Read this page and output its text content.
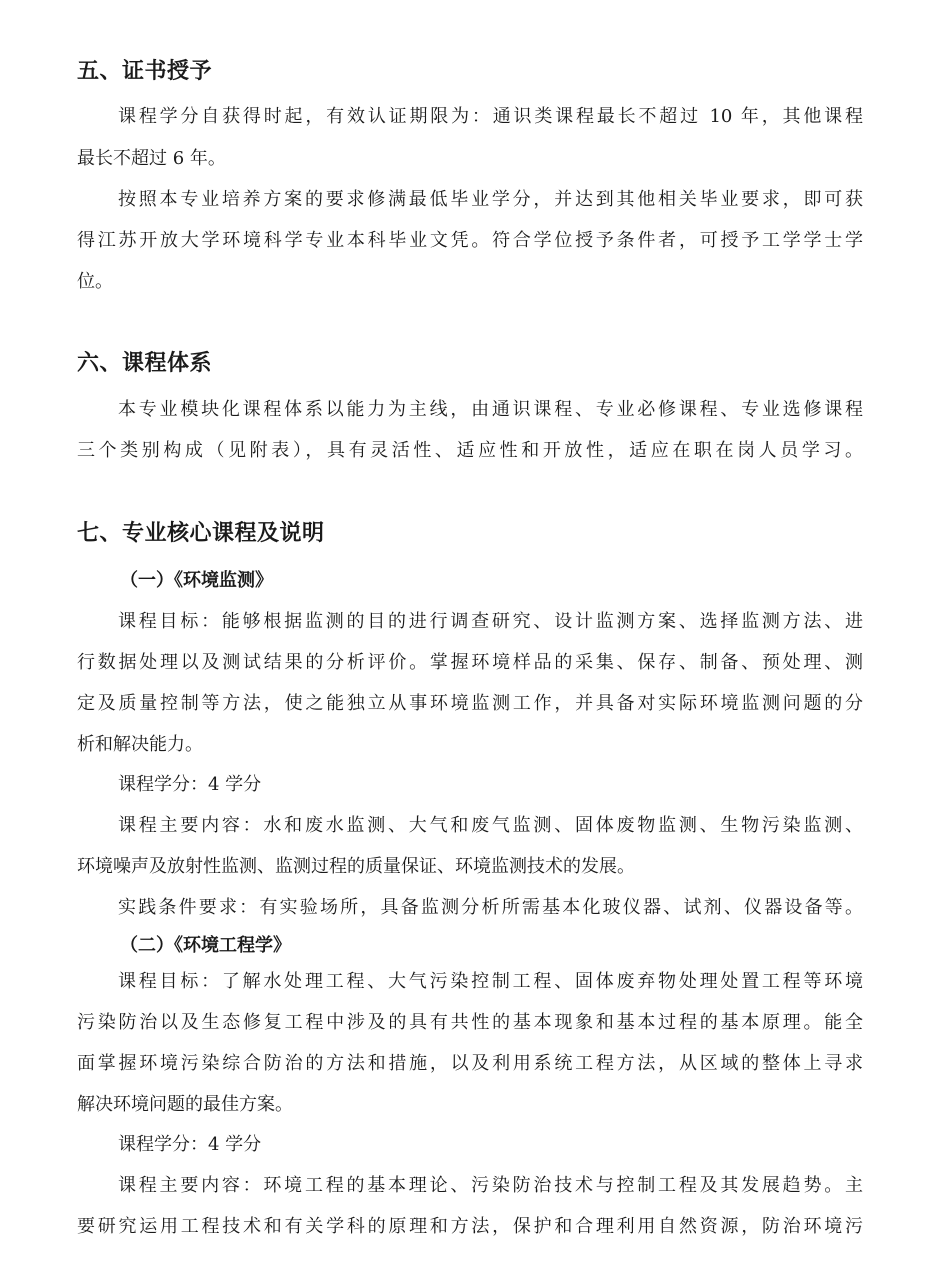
五、证书授予
课程学分自获得时起，有效认证期限为：通识类课程最长不超过 10 年，其他课程
最长不超过 6 年。
按照本专业培养方案的要求修满最低毕业学分，并达到其他相关毕业要求，即可获
得江苏开放大学环境科学专业本科毕业文凭。符合学位授予条件者，可授予工学学士学
位。
六、课程体系
本专业模块化课程体系以能力为主线，由通识课程、专业必修课程、专业选修课程
三个类别构成（见附表），具有灵活性、适应性和开放性，适应在职在岗人员学习。
七、专业核心课程及说明
（一）《环境监测》
课程目标：能够根据监测的目的进行调查研究、设计监测方案、选择监测方法、进
行数据处理以及测试结果的分析评价。掌握环境样品的采集、保存、制备、预处理、测
定及质量控制等方法，使之能独立从事环境监测工作，并具备对实际环境监测问题的分
析和解决能力。
课程学分：4 学分
课程主要内容：水和废水监测、大气和废气监测、固体废物监测、生物污染监测、
环境噪声及放射性监测、监测过程的质量保证、环境监测技术的发展。
实践条件要求：有实验场所，具备监测分析所需基本化玻仪器、试剂、仪器设备等。
（二）《环境工程学》
课程目标：了解水处理工程、大气污染控制工程、固体废弃物处理处置工程等环境
污染防治以及生态修复工程中涉及的具有共性的基本现象和基本过程的基本原理。能全
面掌握环境污染综合防治的方法和措施，以及利用系统工程方法，从区域的整体上寻求
解决环境问题的最佳方案。
课程学分：4 学分
课程主要内容：环境工程的基本理论、污染防治技术与控制工程及其发展趋势。主
要研究运用工程技术和有关学科的原理和方法，保护和合理利用自然资源，防治环境污
